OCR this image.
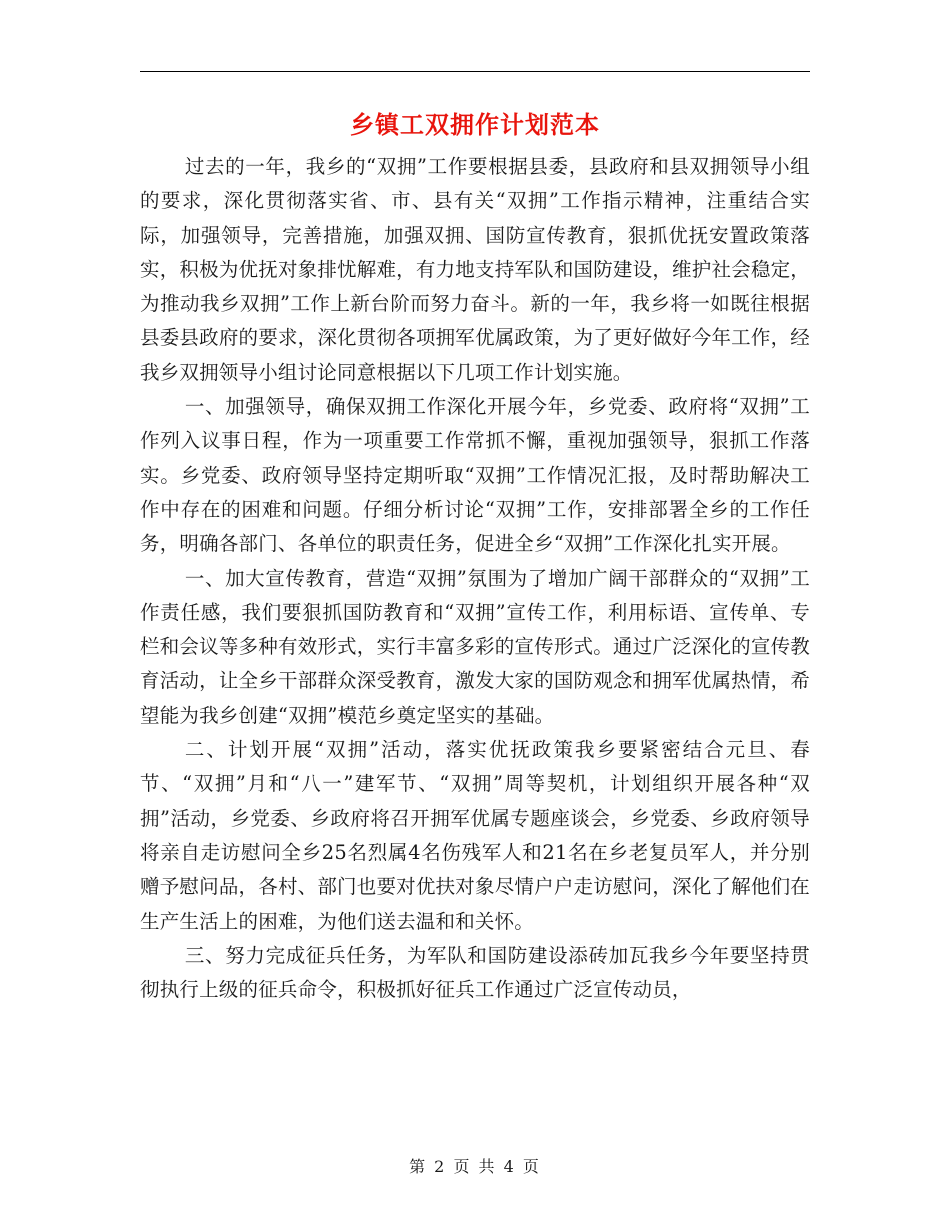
乡镇工双拥作计划范本

过去的一年，我乡的“双拥”工作要根据县委，县政府和县双拥领导小组的要求，深化贯彻落实省、市、县有关“双拥”工作指示精神，注重结合实际，加强领导，完善措施，加强双拥、国防宣传教育，狠抓优抚安置政策落实，积极为优抚对象排忧解难，有力地支持军队和国防建设，维护社会稳定，为推动我乡双拥”工作上新台阶而努力奋斗。新的一年，我乡将一如既往根据县委县政府的要求，深化贯彻各项拥军优属政策，为了更好做好今年工作，经我乡双拥领导小组讨论同意根据以下几项工作计划实施。

一、加强领导，确保双拥工作深化开展今年，乡党委、政府将“双拥”工作列入议事日程，作为一项重要工作常抓不懈，重视加强领导，狠抓工作落实。乡党委、政府领导坚持定期听取“双拥”工作情况汇报，及时帮助解决工作中存在的困难和问题。仔细分析讨论“双拥”工作，安排部署全乡的工作任务，明确各部门、各单位的职责任务，促进全乡“双拥”工作深化扎实开展。

一、加大宣传教育，营造“双拥”氛围为了增加广阔干部群众的“双拥”工作责任感，我们要狠抓国防教育和“双拥”宣传工作，利用标语、宣传单、专栏和会议等多种有效形式，实行丰富多彩的宣传形式。通过广泛深化的宣传教育活动，让全乡干部群众深受教育，激发大家的国防观念和拥军优属热情，希望能为我乡创建“双拥”模范乡奠定坚实的基础。

二、计划开展“双拥”活动，落实优抚政策我乡要紧密结合元旦、春节、“双拥”月和“八一”建军节、“双拥”周等契机，计划组织开展各种“双拥”活动，乡党委、乡政府将召开拥军优属专题座谈会，乡党委、乡政府领导将亲自走访慰问全乡25名烈属4名伤残军人和21名在乡老复员军人，并分别赠予慰问品，各村、部门也要对优扶对象尽情户户走访慰问，深化了解他们在生产生活上的困难，为他们送去温和和关怀。

三、努力完成征兵任务，为军队和国防建设添砖加瓦我乡今年要坚持贯彻执行上级的征兵命令，积极抓好征兵工作通过广泛宣传动员，

第 2 页 共 4 页
